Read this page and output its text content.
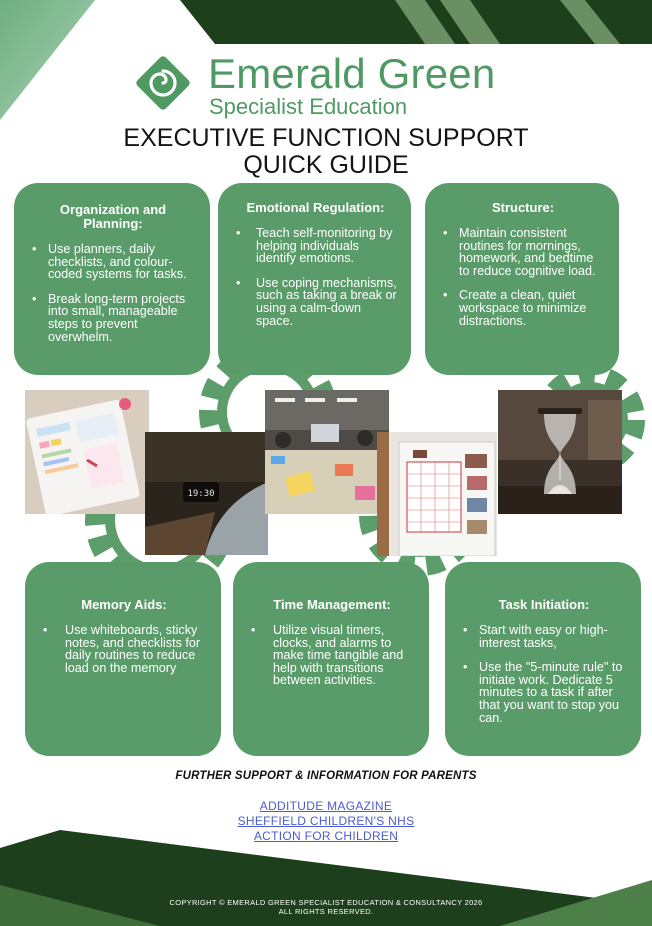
Emerald Green
Specialist Education
EXECUTIVE FUNCTION SUPPORT
QUICK GUIDE
Organization and Planning:
• Use planners, daily checklists, and colour-coded systems for tasks.
• Break long-term projects into small, manageable steps to prevent overwhelm.
Emotional Regulation:
• Teach self-monitoring by helping individuals identify emotions.
• Use coping mechanisms, such as taking a break or using a calm-down space.
Structure:
• Maintain consistent routines for mornings, homework, and bedtime to reduce cognitive load.
• Create a clean, quiet workspace to minimize distractions.
Memory Aids:
• Use whiteboards, sticky notes, and checklists for daily routines to reduce load on the memory
Time Management:
• Utilize visual timers, clocks, and alarms to make time tangible and help with transitions between activities.
Task Initiation:
• Start with easy or high-interest tasks,
• Use the "5-minute rule" to initiate work. Dedicate 5 minutes to a task if after that you want to stop you can.
19:30
FURTHER SUPPORT & INFORMATION FOR PARENTS
ADDITUDE MAGAZINE
SHEFFIELD CHILDREN'S NHS
ACTION FOR CHILDREN
COPYRIGHT © EMERALD GREEN SPECIALIST EDUCATION & CONSULTANCY 2026
ALL RIGHTS RESERVED.
